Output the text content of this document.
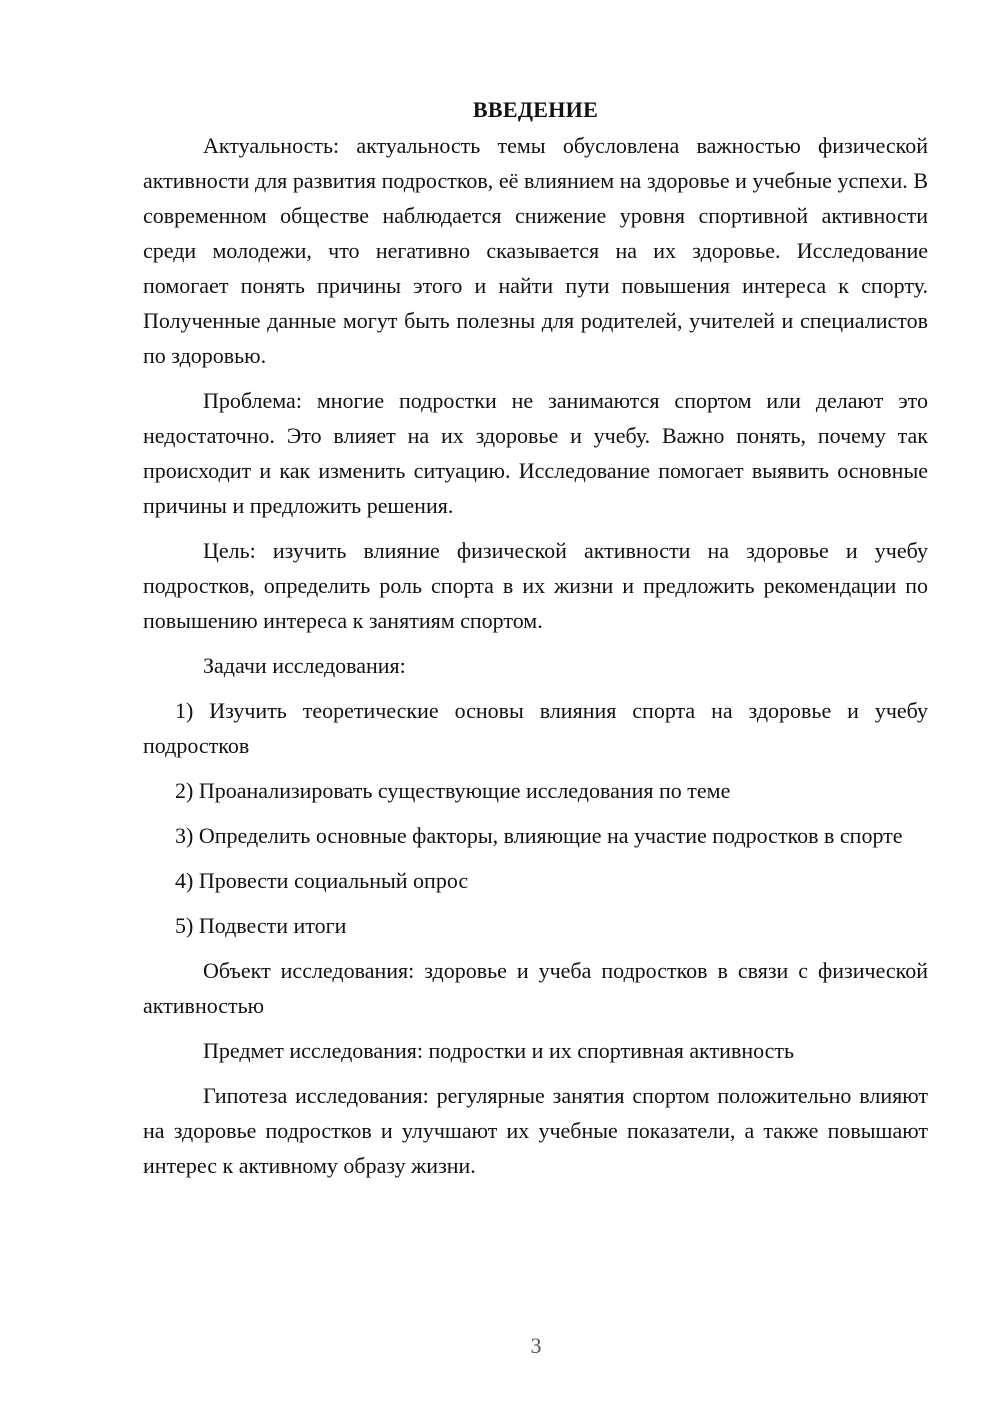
ВВЕДЕНИЕ

Актуальность: актуальность темы обусловлена важностью физической активности для развития подростков, её влиянием на здоровье и учебные успехи. В современном обществе наблюдается снижение уровня спортивной активности среди молодежи, что негативно сказывается на их здоровье. Исследование помогает понять причины этого и найти пути повышения интереса к спорту. Полученные данные могут быть полезны для родителей, учителей и специалистов по здоровью.

Проблема: многие подростки не занимаются спортом или делают это недостаточно. Это влияет на их здоровье и учебу. Важно понять, почему так происходит и как изменить ситуацию. Исследование помогает выявить основные причины и предложить решения.

Цель: изучить влияние физической активности на здоровье и учебу подростков, определить роль спорта в их жизни и предложить рекомендации по повышению интереса к занятиям спортом.

Задачи исследования:

1) Изучить теоретические основы влияния спорта на здоровье и учебу подростков

2) Проанализировать существующие исследования по теме

3) Определить основные факторы, влияющие на участие подростков в спорте

4) Провести социальный опрос

5) Подвести итоги

Объект исследования: здоровье и учеба подростков в связи с физической активностью

Предмет исследования: подростки и их спортивная активность

Гипотеза исследования: регулярные занятия спортом положительно влияют на здоровье подростков и улучшают их учебные показатели, а также повышают интерес к активному образу жизни.

3
